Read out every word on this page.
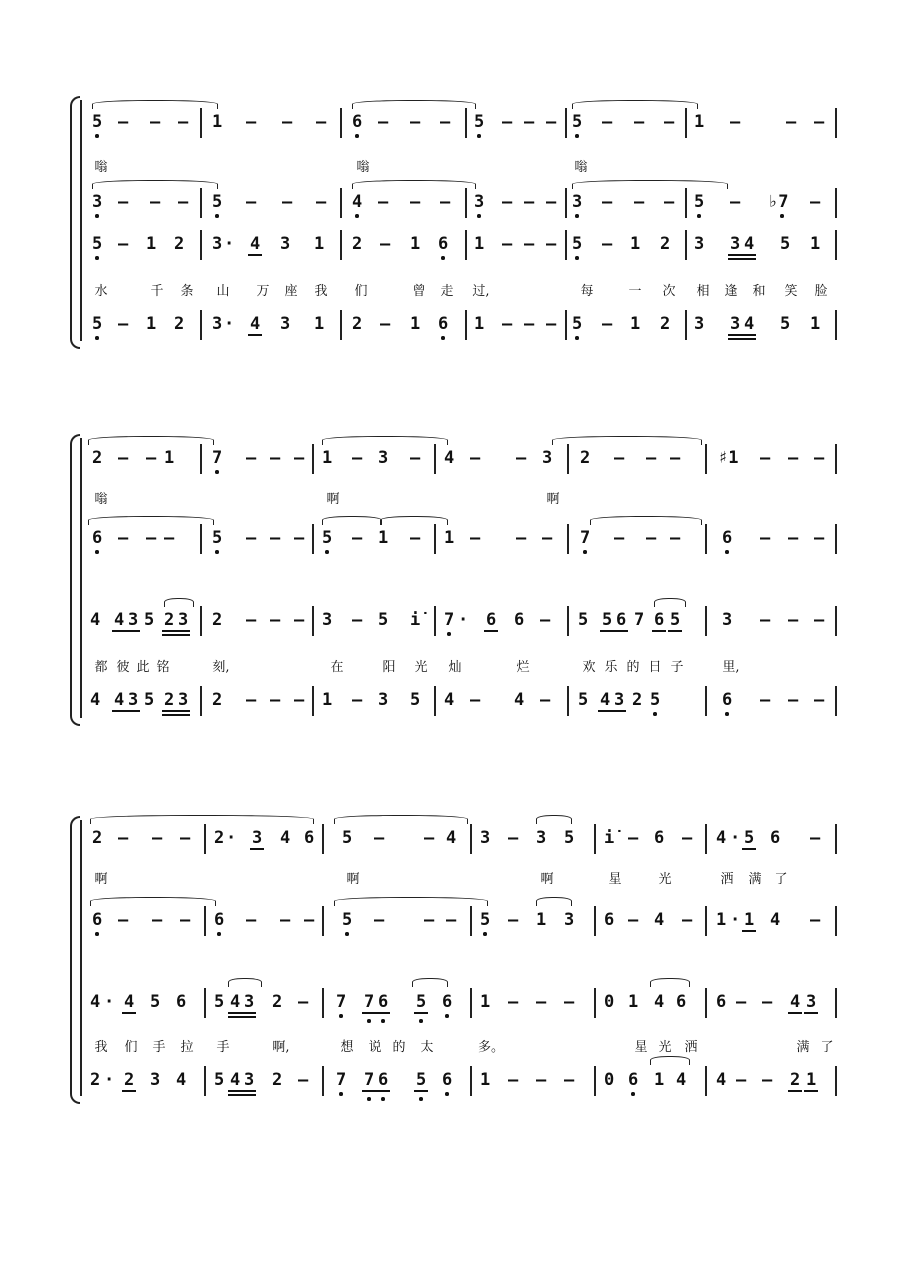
5 – – – 1 – – – 6 – – – 5 – – – 5 – – – 1 –	– –
嗡	嗡	嗡
3 – – – 5 – – – 4 – – – 3 – – – 3 – – – 5 – ♭7 –
5 – 1 2 3 · 4 3 1 2 – 1 6 1 – – – 5 – 1 2 3 3 4 5 1
水	千 条 山 万 座 我 们	曾 走 过,	每	一 次 相 逢 和 笑 脸
5 – 1 2 3 · 4 3 1 2 – 1 6 1 – – – 5 – 1 2 3 3 4 5 1
2 – – 1 7 – – – 1 – 3 – 4 – – 3 2 – – – ♯1 – – –
嗡	啊	啊
6 – – – 5 – – – 5 – 1 – 1 – – – 7 – – – 6 – – –
4 4 3 5 2 3 2 – – – 3 – 5 i̇ 7 · 6 6 – 5 5 6 7 6 5 3 – – –
都 彼 此 铭	刻,	在	阳 光 灿	烂	欢 乐 的 日 子	里,
4 4 3 5 2 3 2 – – – 1 – 3 5 4 – 4 – 5 4 3 2 5	6 – – –
2 – – – 2 · 3 4 6 5 – – 4 3 – 3 5 i̇ – 6 – 4 · 5 6 –
啊	啊	啊	星	光	洒 满 了
6 – – – 6 – – – 5 – – – 5 – 1 3 6 – 4 – 1 · 1 4 –
4 · 4 5 6 5 4 3 2 – 7 7 6 5 6 1 – – – 0 1 4 6 6 – – 4 3
我 们 手 拉 手	啊,	想 说 的 太	多。	星 光 洒	满 了
2 · 2 3 4 5 4 3 2 – 7 7 6 5 6 1 – – – 0 6 1 4 4 – – 2 1
